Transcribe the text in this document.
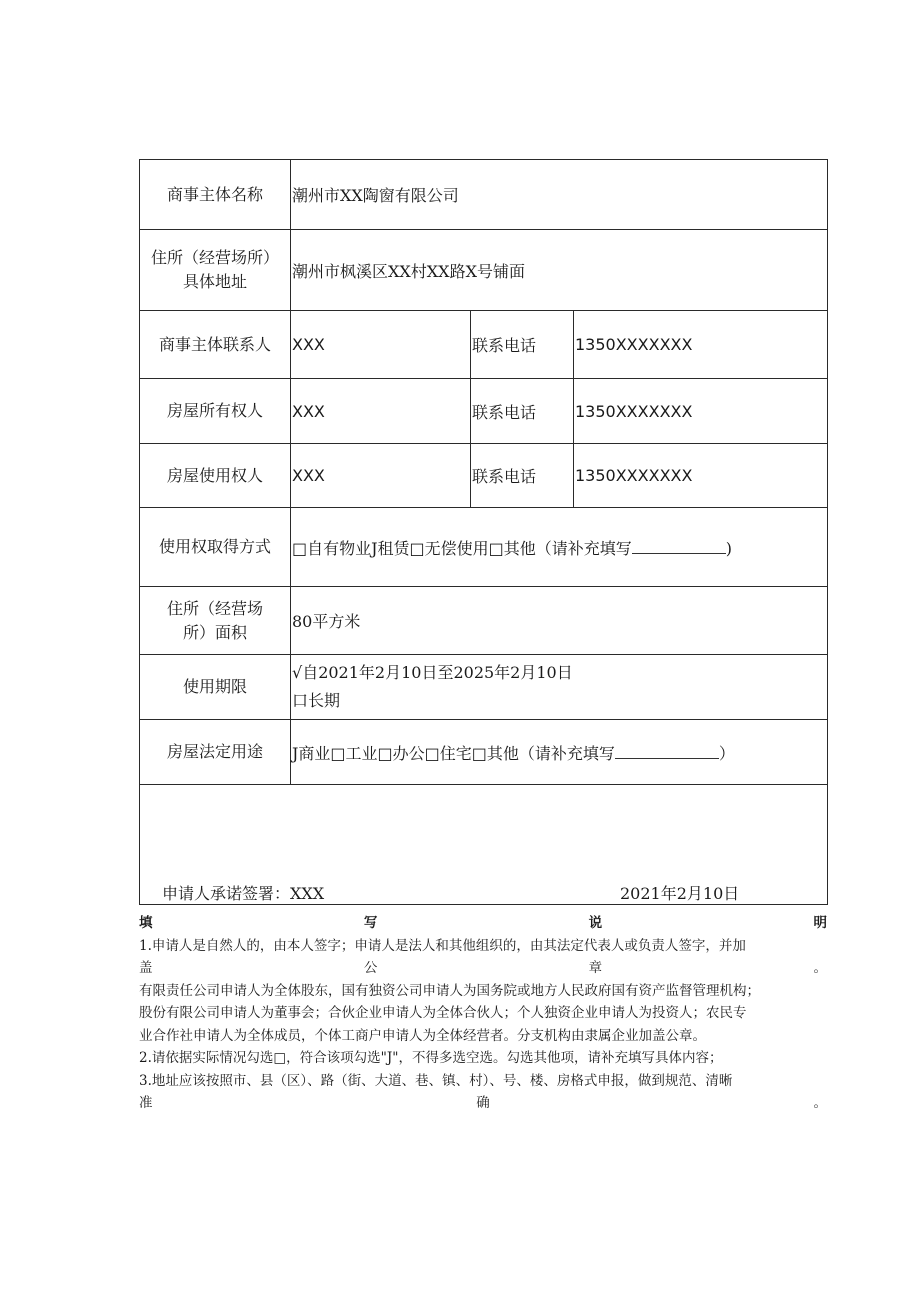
商事主体名称	潮州市XX陶窗有限公司		

住所（经营场所）
具体地址	潮州市枫溪区XX村XX路X号铺面		
商事主体联系人	XXX	联系电话	1350XXXXXXX
房屋所有权人	XXX	联系电话	1350XXXXXXX
房屋使用权人	XXX	联系电话	1350XXXXXXX
使用权取得方式	□自有物业J租赁□无偿使用□其他（请补充填写 )		

住所（经营场
所）面积	80平方米		
使用期限	√自2021年2月10日至2025年2月10日
口长期		

房屋法定用途	J商业□工业□办公□住宅□其他（请补充填写 ）		

申请人承诺签署：XXX 2021年2月10日			
填	写	说	明
1.申请人是自然人的，由本人签字；申请人是法人和其他组织的，由其法定代表人或负责人签字，并加
盖	公	章	。
有限责任公司申请人为全体股东，国有独资公司申请人为国务院或地方人民政府国有资产监督管理机构；
股份有限公司申请人为董事会；合伙企业申请人为全体合伙人；个人独资企业申请人为投资人；农民专
业合作社申请人为全体成员，个体工商户申请人为全体经营者。分支机构由隶属企业加盖公章。
2.请依据实际情况勾选□，符合该项勾选"J"，不得多选空选。勾选其他项，请补充填写具体内容；
3.地址应该按照市、县（区）、路（街、大道、巷、镇、村）、号、楼、房格式申报，做到规范、清晰
准	确	。
